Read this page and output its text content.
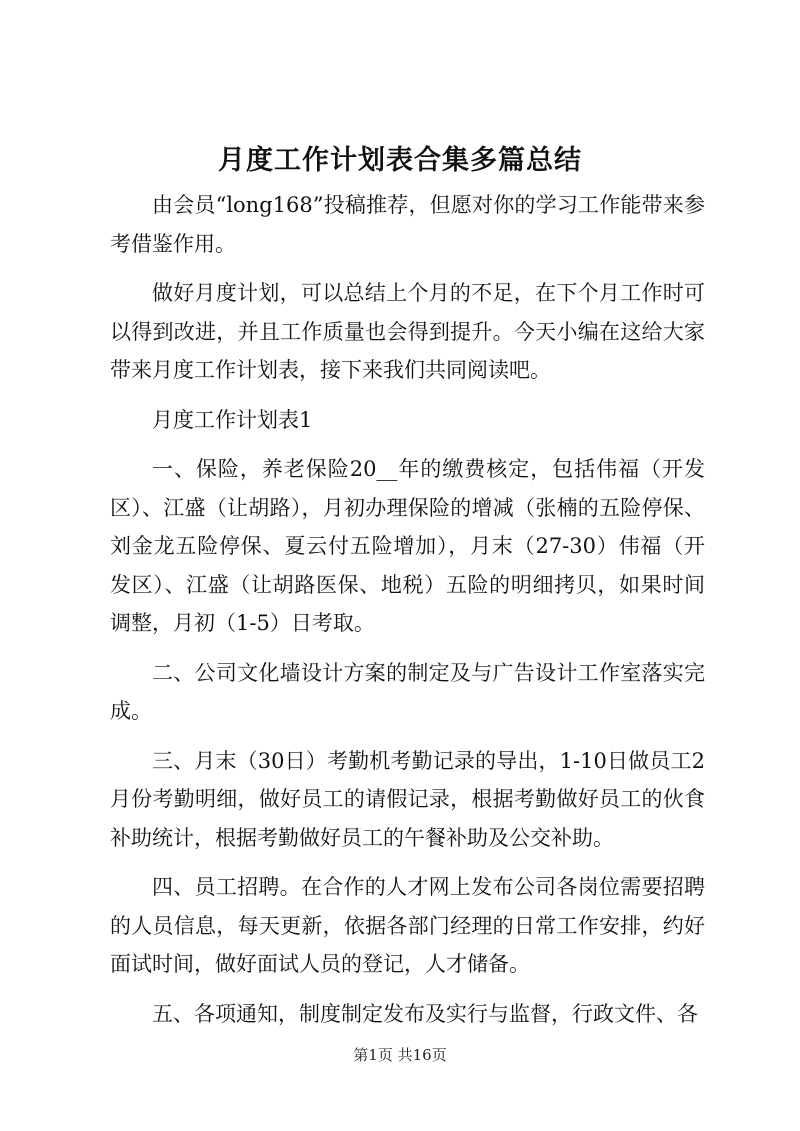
月度工作计划表合集多篇总结

由会员“long168”投稿推荐，但愿对你的学习工作能带来参考借鉴作用。

做好月度计划，可以总结上个月的不足，在下个月工作时可以得到改进，并且工作质量也会得到提升。今天小编在这给大家带来月度工作计划表，接下来我们共同阅读吧。

月度工作计划表1

一、保险，养老保险20__年的缴费核定，包括伟福（开发区）、江盛（让胡路），月初办理保险的增减（张楠的五险停保、刘金龙五险停保、夏云付五险增加），月末（27-30）伟福（开发区）、江盛（让胡路医保、地税）五险的明细拷贝，如果时间调整，月初（1-5）日考取。

二、公司文化墙设计方案的制定及与广告设计工作室落实完成。

三、月末（30日）考勤机考勤记录的导出，1-10日做员工2月份考勤明细，做好员工的请假记录，根据考勤做好员工的伙食补助统计，根据考勤做好员工的午餐补助及公交补助。

四、员工招聘。在合作的人才网上发布公司各岗位需要招聘的人员信息，每天更新，依据各部门经理的日常工作安排，约好面试时间，做好面试人员的登记，人才储备。

五、各项通知，制度制定发布及实行与监督，行政文件、各

第1页 共16页
